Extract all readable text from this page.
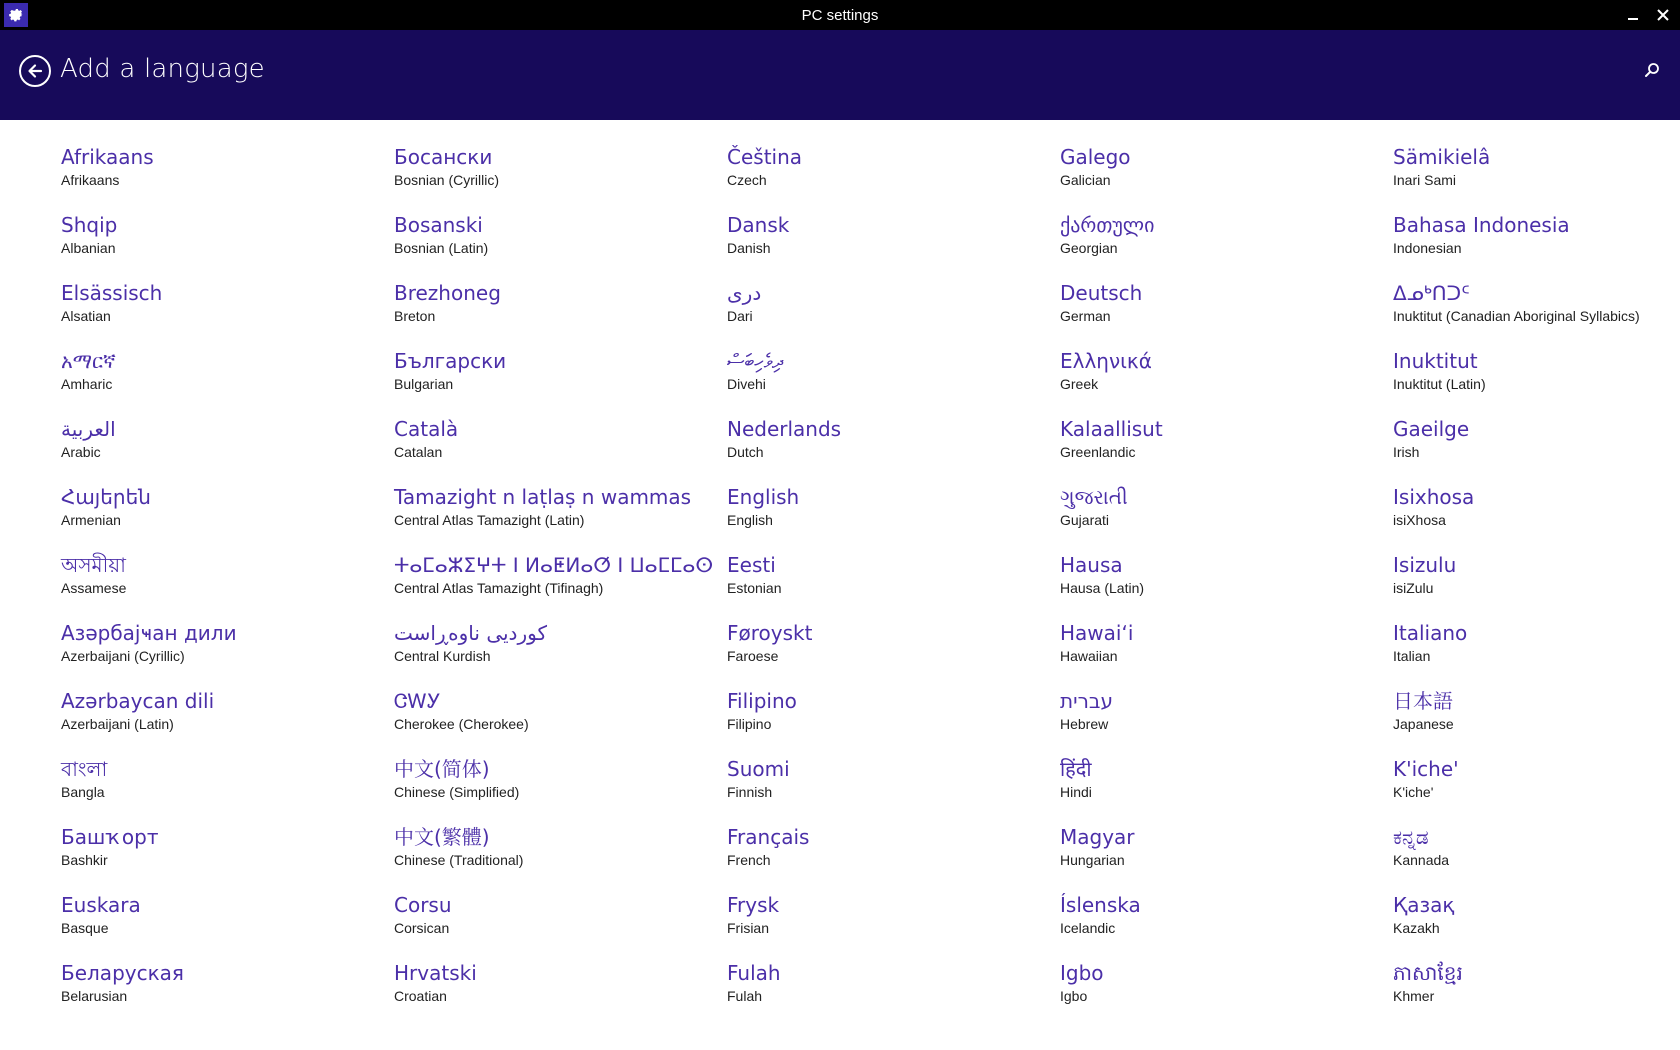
PC settings
Add a language
Afrikaans
Afrikaans
Shqip
Albanian
Elsässisch
Alsatian
አማርኛ
Amharic
العربية
Arabic
Հայերեն
Armenian
অসমীয়া
Assamese
Азәрбајҹан дили
Azerbaijani (Cyrillic)
Azərbaycan dili
Azerbaijani (Latin)
বাংলা
Bangla
Башҡорт
Bashkir
Euskara
Basque
Беларуская
Belarusian
Босански
Bosnian (Cyrillic)
Bosanski
Bosnian (Latin)
Brezhoneg
Breton
Български
Bulgarian
Català
Catalan
Tamazight n laṭlaṣ n wammas
Central Atlas Tamazight (Latin)
ⵜⴰⵎⴰⵣⵉⵖⵜ ⵏ ⵍⴰⵟⵍⴰⵚ ⵏ ⵡⴰⵎⵎⴰⵙ
Central Atlas Tamazight (Tifinagh)
کوردیی ناوەڕاست
Central Kurdish
ᏣᎳᎩ
Cherokee (Cherokee)
中文(简体)
Chinese (Simplified)
中文(繁體)
Chinese (Traditional)
Corsu
Corsican
Hrvatski
Croatian
Čeština
Czech
Dansk
Danish
دری
Dari
ދިވެހިބަސް
Divehi
Nederlands
Dutch
English
English
Eesti
Estonian
Føroyskt
Faroese
Filipino
Filipino
Suomi
Finnish
Français
French
Frysk
Frisian
Fulah
Fulah
Galego
Galician
ქართული
Georgian
Deutsch
German
Ελληνικά
Greek
Kalaallisut
Greenlandic
ગુજરાતી
Gujarati
Hausa
Hausa (Latin)
Hawaiʻi
Hawaiian
עברית
Hebrew
हिंदी
Hindi
Magyar
Hungarian
Íslenska
Icelandic
Igbo
Igbo
Sämikielâ
Inari Sami
Bahasa Indonesia
Indonesian
ᐃᓄᒃᑎᑐᑦ
Inuktitut (Canadian Aboriginal Syllabics)
Inuktitut
Inuktitut (Latin)
Gaeilge
Irish
Isixhosa
isiXhosa
Isizulu
isiZulu
Italiano
Italian
日本語
Japanese
K'iche'
K'iche'
ಕನ್ನಡ
Kannada
Қазақ
Kazakh
ភាសាខ្មែរ
Khmer
